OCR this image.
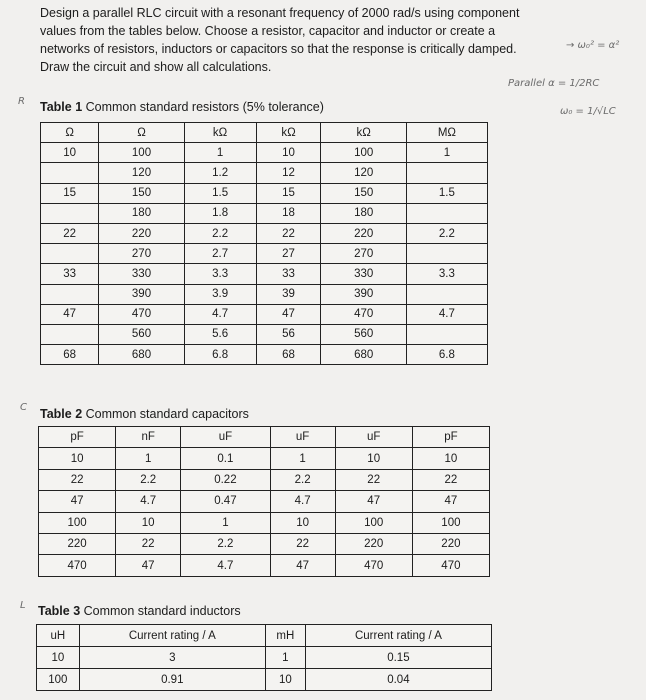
Design a parallel RLC circuit with a resonant frequency of 2000 rad/s using component
values from the tables below. Choose a resistor, capacitor and inductor or create a
networks of resistors, inductors or capacitors so that the response is critically damped.
Draw the circuit and show all calculations.
→ ω₀² = α²
Parallel α = 1/2RC
ω₀ = 1/√LC
R
C
L
Table 1 Common standard resistors (5% tolerance)
Ω	Ω	kΩ	kΩ	kΩ	MΩ
10	100	1	10	100	1
	120	1.2	12	120	
15	150	1.5	15	150	1.5
	180	1.8	18	180	
22	220	2.2	22	220	2.2
	270	2.7	27	270	
33	330	3.3	33	330	3.3
	390	3.9	39	390	
47	470	4.7	47	470	4.7
	560	5.6	56	560	
68	680	6.8	68	680	6.8
Table 2 Common standard capacitors
pF	nF	uF	uF	uF	pF
10	1	0.1	1	10	10
22	2.2	0.22	2.2	22	22
47	4.7	0.47	4.7	47	47
100	10	1	10	100	100
220	22	2.2	22	220	220
470	47	4.7	47	470	470
Table 3 Common standard inductors
uH	Current rating / A	mH	Current rating / A
10	3	1	0.15
100	0.91	10	0.04
